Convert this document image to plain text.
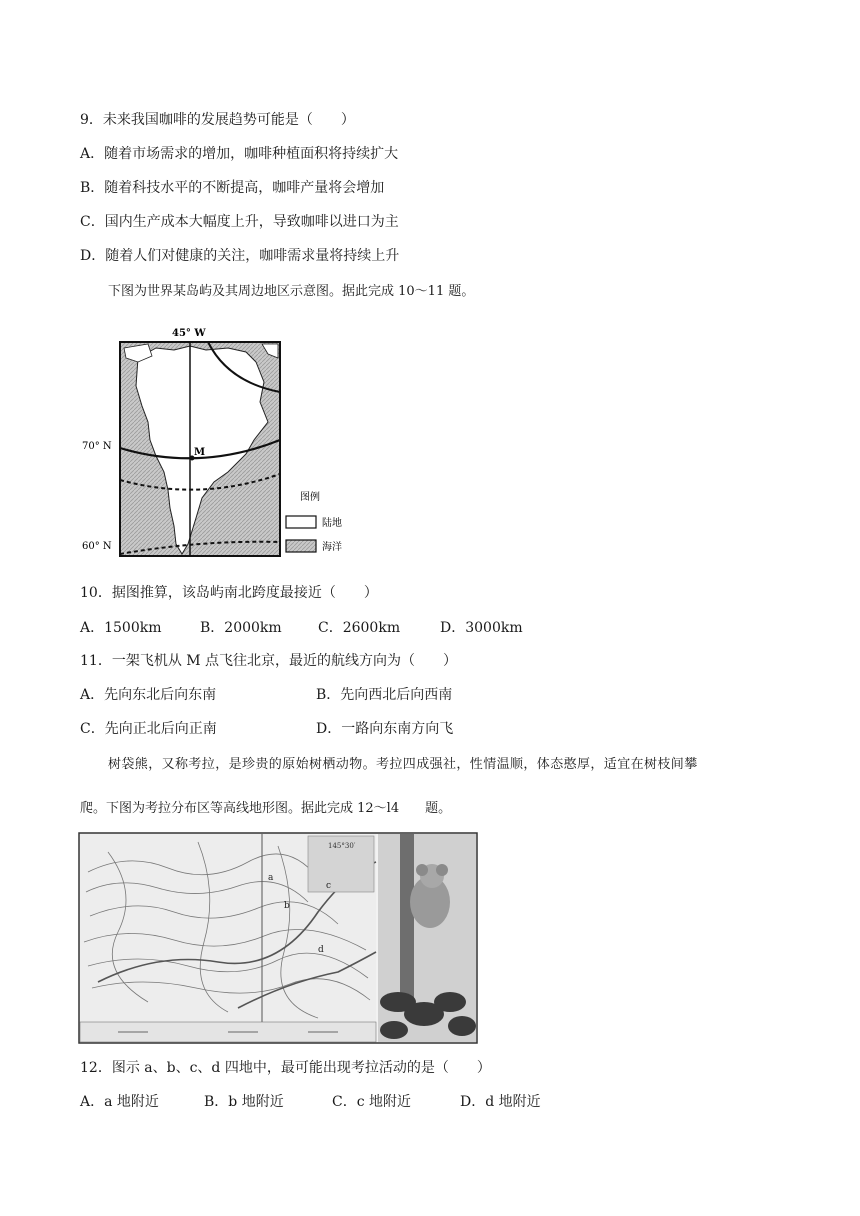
9．未来我国咖啡的发展趋势可能是（　　）
A．随着市场需求的增加，咖啡种植面积将持续扩大
B．随着科技水平的不断提高，咖啡产量将会增加
C．国内生产成本大幅度上升，导致咖啡以进口为主
D．随着人们对健康的关注，咖啡需求量将持续上升
下图为世界某岛屿及其周边地区示意图。据此完成 10～11 题。
45° W
70° N
60° N
M
图例
陆地
海洋
10．据图推算，该岛屿南北跨度最接近（　　）
A．1500km	B．2000km	C．2600km	D．3000km
11．一架飞机从 M 点飞往北京，最近的航线方向为（　　）
A．先向东北后向东南	B．先向西北后向西南
C．先向正北后向正南	D．一路向东南方向飞
树袋熊，又称考拉，是珍贵的原始树栖动物。考拉四成强社，性情温顺，体态憨厚，适宜在树枝间攀
爬。下图为考拉分布区等高线地形图。据此完成 12～l4　　题。
145°30′
a
b
c
d
12．图示 a、b、c、d 四地中，最可能出现考拉活动的是（　　）
A．a 地附近	B．b 地附近	C．c 地附近	D．d 地附近
